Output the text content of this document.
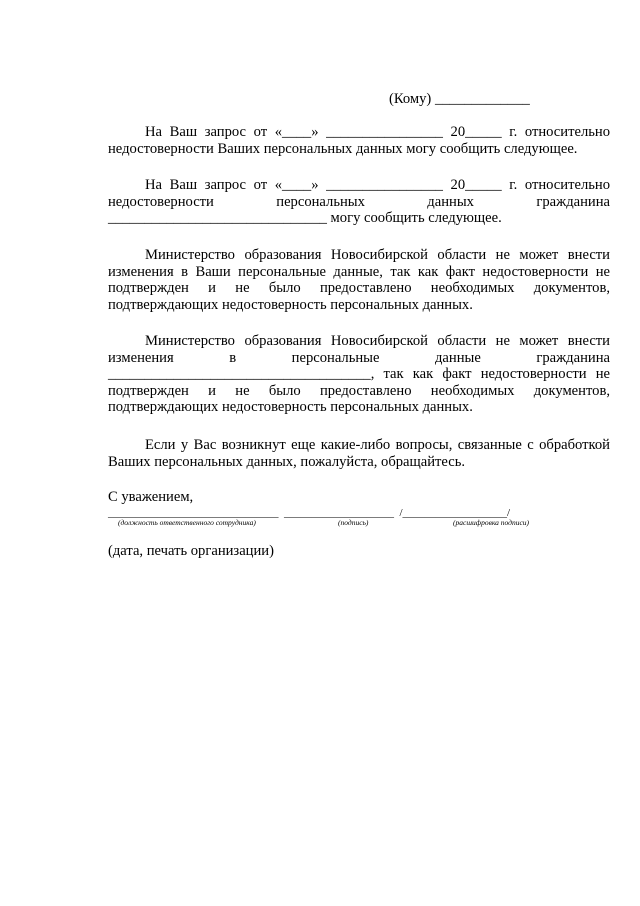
(Кому) _____________
На Ваш запрос от «____» ________________ 20_____ г. относительно
недостоверности Ваших персональных данных могу сообщить следующее.
На Ваш запрос от «____» ________________ 20_____ г. относительно
недостоверности персональных данных гражданина
______________________________ могу сообщить следующее.
Министерство образования Новосибирской области не может внести
изменения в Ваши персональные данные, так как факт недостоверности не
подтвержден и не было предоставлено необходимых документов,
подтверждающих недостоверность персональных данных.
Министерство образования Новосибирской области не может внести
изменения в персональные данные гражданина
____________________________________, так как факт недостоверности не
подтвержден и не было предоставлено необходимых документов,
подтверждающих недостоверность персональных данных.
Если у Вас возникнут еще какие-либо вопросы, связанные с обработкой
Ваших персональных данных, пожалуйста, обращайтесь.
С уважением,
_______________________________  ____________________  /___________________/
(должность ответственного сотрудника)	(подпись)	(расшифровка подписи)
(дата, печать организации)
